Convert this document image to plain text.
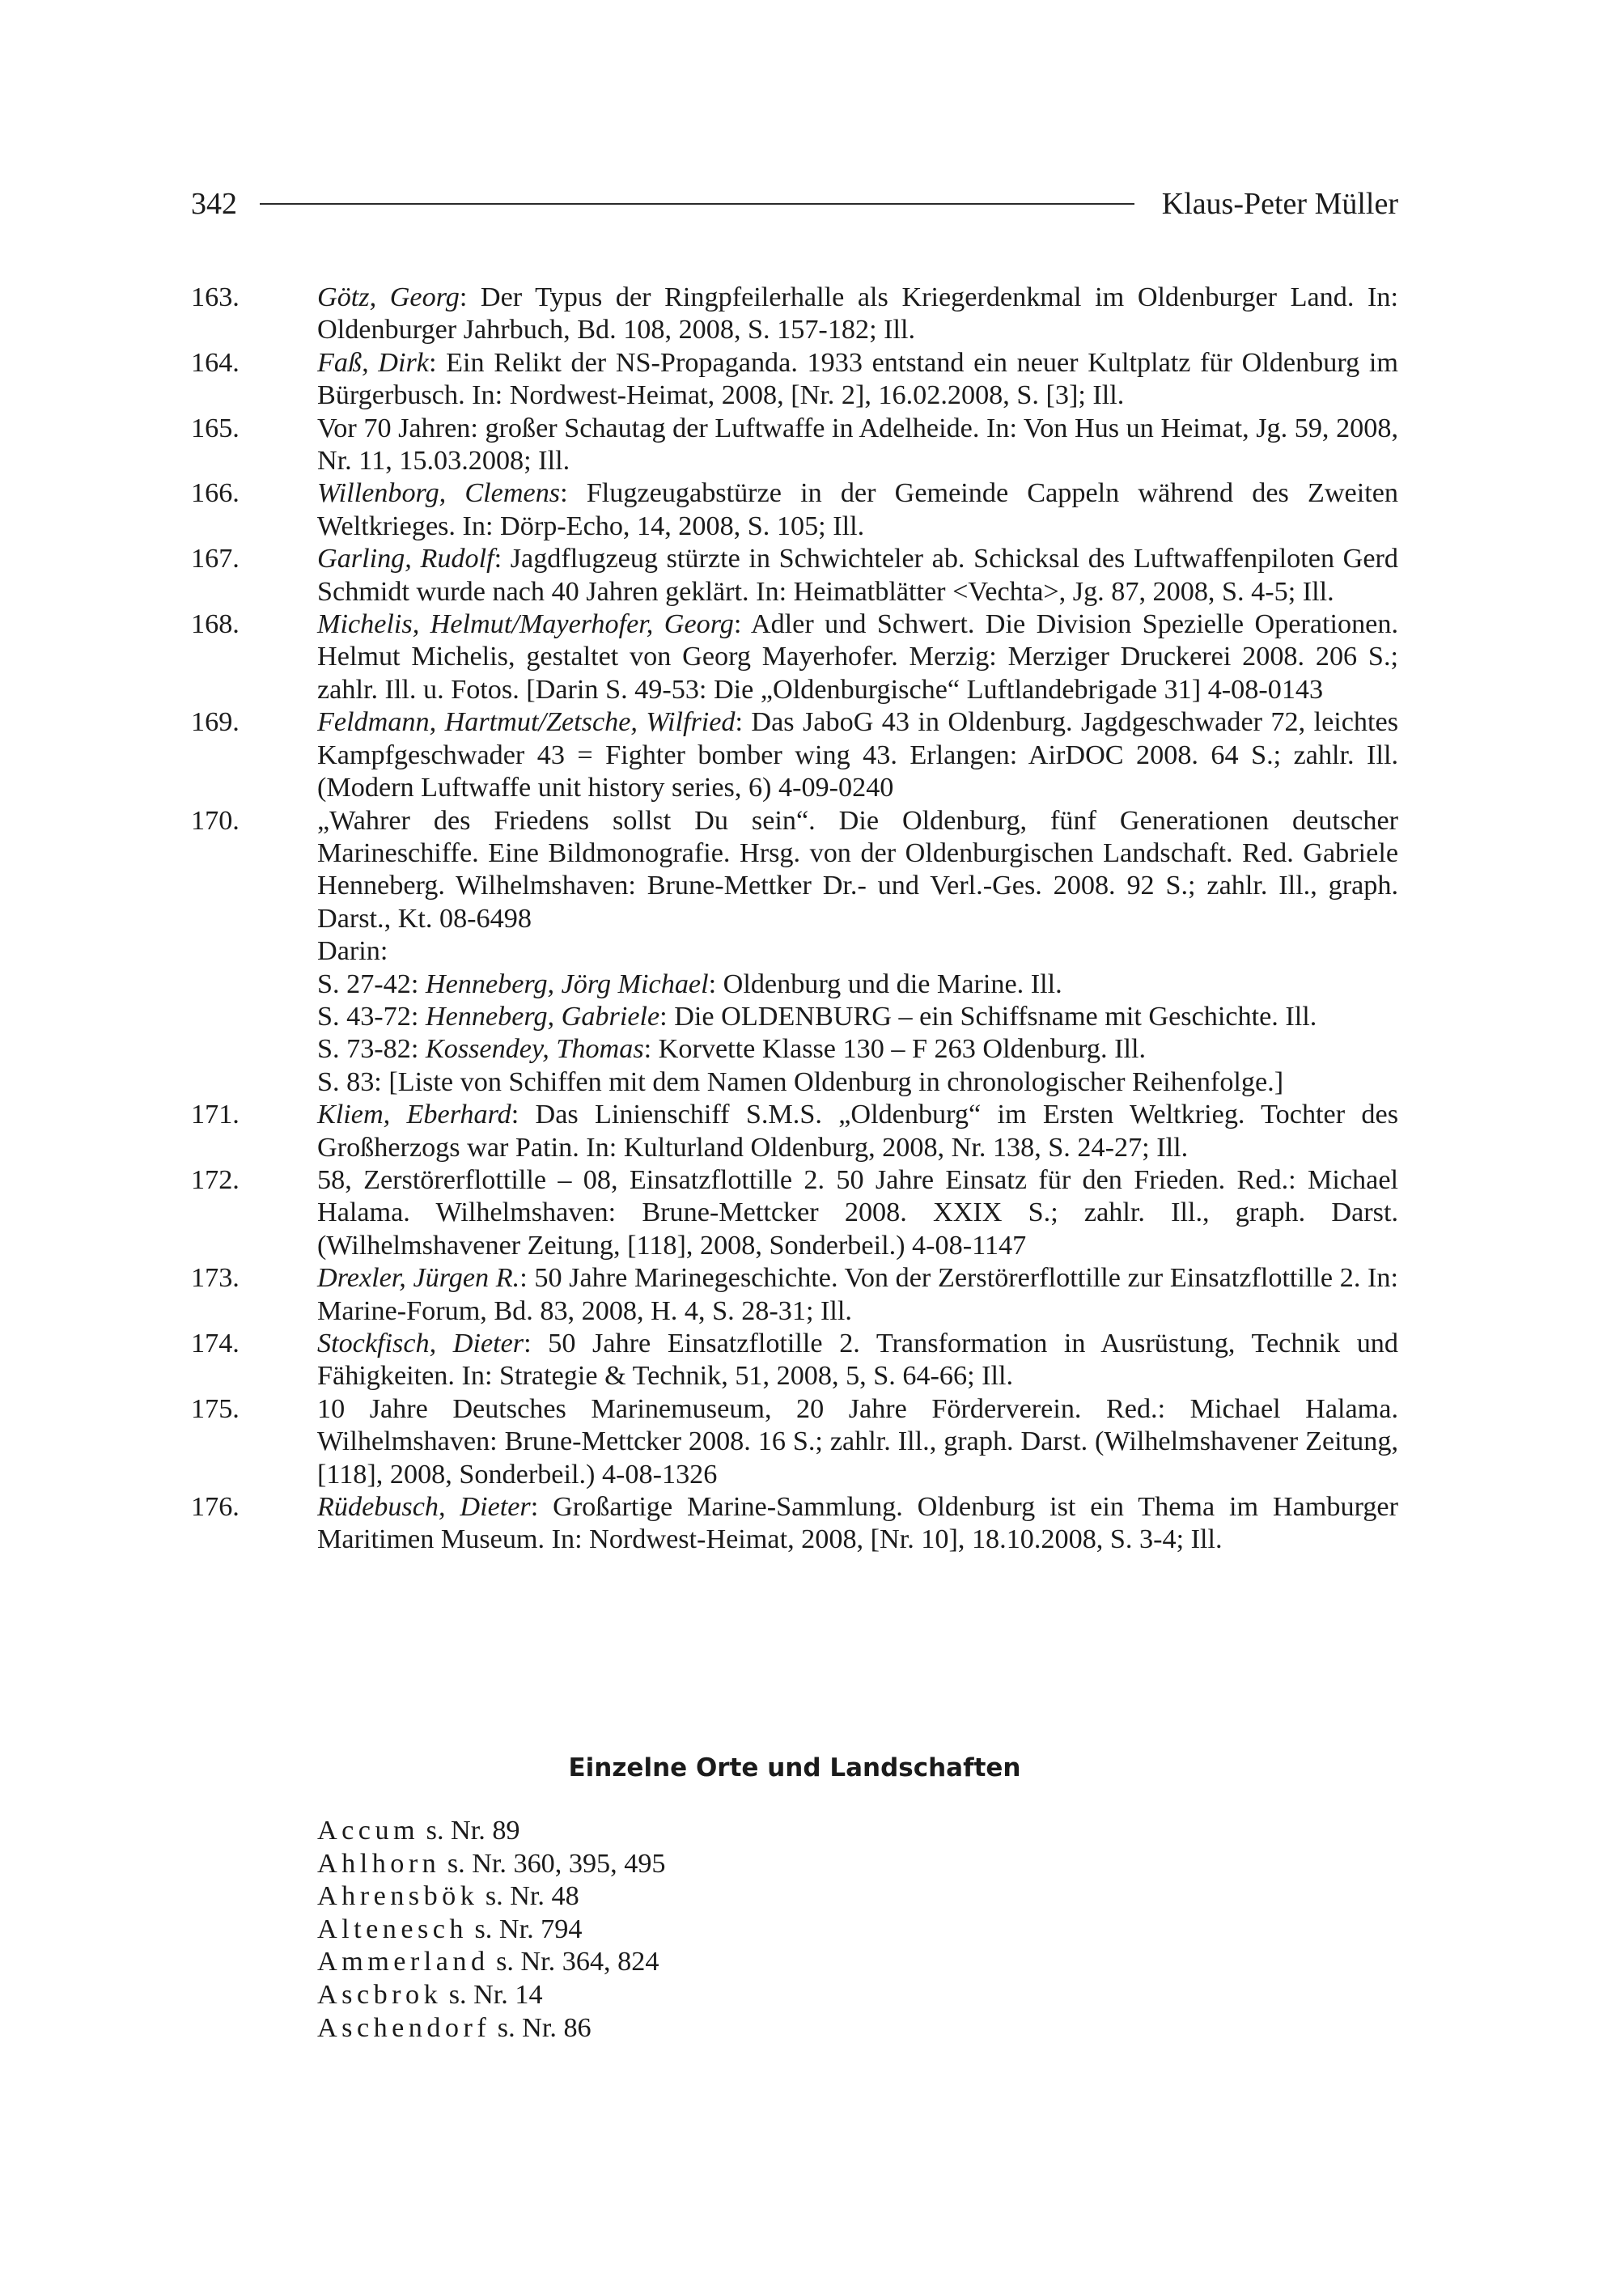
342	Klaus-Peter Müller
163.	Götz, Georg: Der Typus der Ringpfeilerhalle als Kriegerdenkmal im Oldenburger Land. In: Oldenburger Jahrbuch, Bd. 108, 2008, S. 157-182; Ill.
164.	Faß, Dirk: Ein Relikt der NS-Propaganda. 1933 entstand ein neuer Kultplatz für Oldenburg im Bürgerbusch. In: Nordwest-Heimat, 2008, [Nr. 2], 16.02.2008, S. [3]; Ill.
165.	Vor 70 Jahren: großer Schautag der Luftwaffe in Adelheide. In: Von Hus un Heimat, Jg. 59, 2008, Nr. 11, 15.03.2008; Ill.
166.	Willenborg, Clemens: Flugzeugabstürze in der Gemeinde Cappeln während des Zweiten Weltkrieges. In: Dörp-Echo, 14, 2008, S. 105; Ill.
167.	Garling, Rudolf: Jagdflugzeug stürzte in Schwichteler ab. Schicksal des Luftwaffenpiloten Gerd Schmidt wurde nach 40 Jahren geklärt. In: Heimatblätter <Vechta>, Jg. 87, 2008, S. 4-5; Ill.
168.	Michelis, Helmut/Mayerhofer, Georg: Adler und Schwert. Die Division Spezielle Operationen. Helmut Michelis, gestaltet von Georg Mayerhofer. Merzig: Merziger Druckerei 2008. 206 S.; zahlr. Ill. u. Fotos. [Darin S. 49-53: Die „Oldenburgische“ Luftlandebrigade 31] 4-08-0143
169.	Feldmann, Hartmut/Zetsche, Wilfried: Das JaboG 43 in Oldenburg. Jagdgeschwader 72, leichtes Kampfgeschwader 43 = Fighter bomber wing 43. Erlangen: AirDOC 2008. 64 S.; zahlr. Ill. (Modern Luftwaffe unit history series, 6) 4-09-0240
170.	„Wahrer des Friedens sollst Du sein“. Die Oldenburg, fünf Generationen deutscher Marineschiffe. Eine Bildmonografie. Hrsg. von der Oldenburgischen Landschaft. Red. Gabriele Henneberg. Wilhelmshaven: Brune-Mettker Dr.- und Verl.-Ges. 2008. 92 S.; zahlr. Ill., graph. Darst., Kt. 08-6498
Darin:
S. 27-42: Henneberg, Jörg Michael: Oldenburg und die Marine. Ill.
S. 43-72: Henneberg, Gabriele: Die OLDENBURG – ein Schiffsname mit Geschichte. Ill.
S. 73-82: Kossendey, Thomas: Korvette Klasse 130 – F 263 Oldenburg. Ill.
S. 83: [Liste von Schiffen mit dem Namen Oldenburg in chronologischer Reihenfolge.]
171.	Kliem, Eberhard: Das Linienschiff S.M.S. „Oldenburg“ im Ersten Weltkrieg. Tochter des Großherzogs war Patin. In: Kulturland Oldenburg, 2008, Nr. 138, S. 24-27; Ill.
172.	58, Zerstörerflottille – 08, Einsatzflottille 2. 50 Jahre Einsatz für den Frieden. Red.: Michael Halama. Wilhelmshaven: Brune-Mettcker 2008. XXIX S.; zahlr. Ill., graph. Darst. (Wilhelmshavener Zeitung, [118], 2008, Sonderbeil.) 4-08-1147
173.	Drexler, Jürgen R.: 50 Jahre Marinegeschichte. Von der Zerstörerflottille zur Einsatzflottille 2. In: Marine-Forum, Bd. 83, 2008, H. 4, S. 28-31; Ill.
174.	Stockfisch, Dieter: 50 Jahre Einsatzflotille 2. Transformation in Ausrüstung, Technik und Fähigkeiten. In: Strategie & Technik, 51, 2008, 5, S. 64-66; Ill.
175.	10 Jahre Deutsches Marinemuseum, 20 Jahre Förderverein. Red.: Michael Halama. Wilhelmshaven: Brune-Mettcker 2008. 16 S.; zahlr. Ill., graph. Darst. (Wilhelmshavener Zeitung, [118], 2008, Sonderbeil.) 4-08-1326
176.	Rüdebusch, Dieter: Großartige Marine-Sammlung. Oldenburg ist ein Thema im Hamburger Maritimen Museum. In: Nordwest-Heimat, 2008, [Nr. 10], 18.10.2008, S. 3-4; Ill.
Einzelne Orte und Landschaften
Accum s. Nr. 89
Ahlhorn s. Nr. 360, 395, 495
Ahrensbök s. Nr. 48
Altenesch s. Nr. 794
Ammerland s. Nr. 364, 824
Ascbrok s. Nr. 14
Aschendorf s. Nr. 86
